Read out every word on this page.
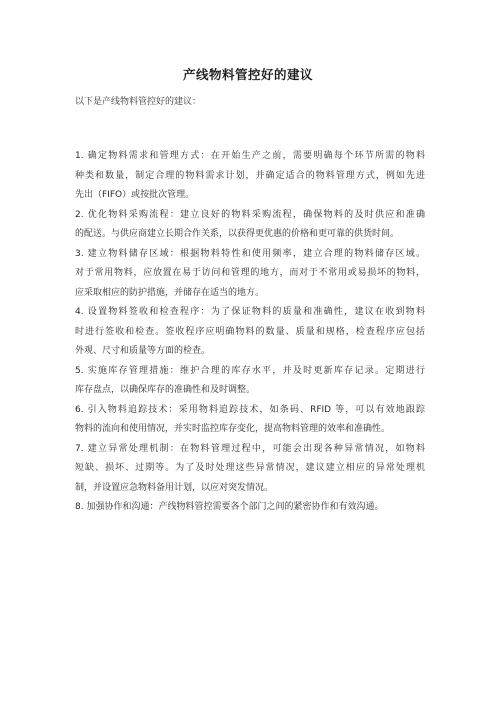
产线物料管控好的建议
以下是产线物料管控好的建议：
1. 确定物料需求和管理方式：在开始生产之前，需要明确每个环节所需的物料
种类和数量，制定合理的物料需求计划，并确定适合的物料管理方式，例如先进
先出（FIFO）或按批次管理。
2. 优化物料采购流程：建立良好的物料采购流程，确保物料的及时供应和准确
的配送。与供应商建立长期合作关系，以获得更优惠的价格和更可靠的供货时间。
3. 建立物料储存区域：根据物料特性和使用频率，建立合理的物料储存区域。
对于常用物料，应放置在易于访问和管理的地方，而对于不常用或易损坏的物料，
应采取相应的防护措施，并储存在适当的地方。
4. 设置物料签收和检查程序：为了保证物料的质量和准确性，建议在收到物料
时进行签收和检查。签收程序应明确物料的数量、质量和规格，检查程序应包括
外观、尺寸和质量等方面的检查。
5. 实施库存管理措施：维护合理的库存水平，并及时更新库存记录。定期进行
库存盘点，以确保库存的准确性和及时调整。
6. 引入物料追踪技术：采用物料追踪技术，如条码、RFID 等，可以有效地跟踪
物料的流向和使用情况，并实时监控库存变化，提高物料管理的效率和准确性。
7. 建立异常处理机制：在物料管理过程中，可能会出现各种异常情况，如物料
短缺、损坏、过期等。为了及时处理这些异常情况，建议建立相应的异常处理机
制，并设置应急物料备用计划，以应对突发情况。
8. 加强协作和沟通：产线物料管控需要各个部门之间的紧密协作和有效沟通。
